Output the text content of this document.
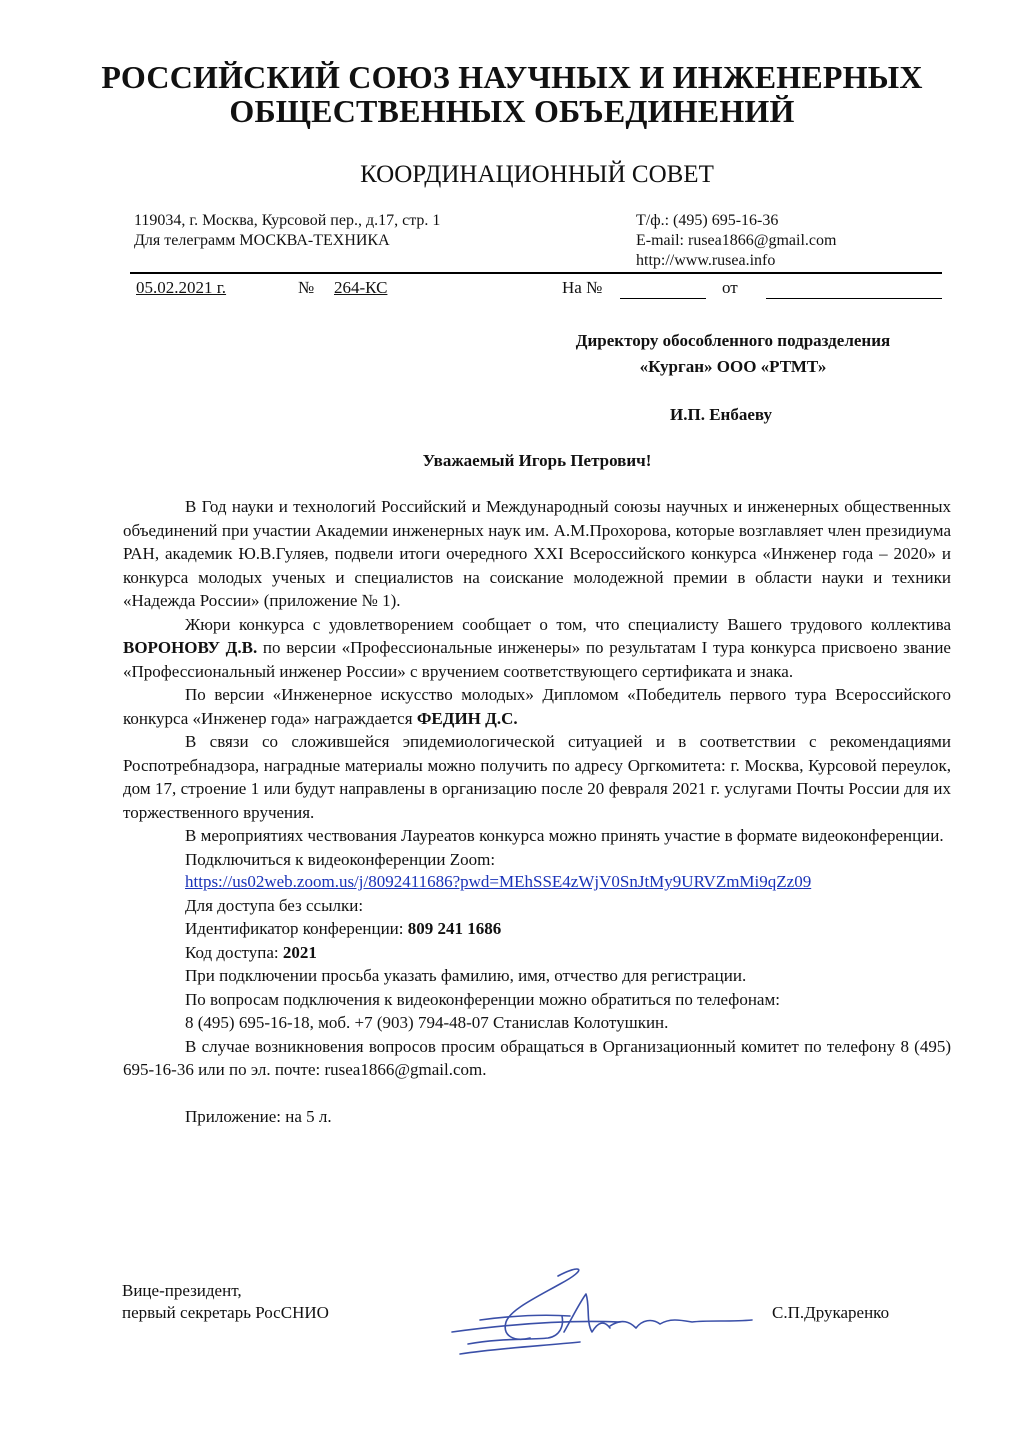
РОССИЙСКИЙ СОЮЗ НАУЧНЫХ И ИНЖЕНЕРНЫХ
ОБЩЕСТВЕННЫХ ОБЪЕДИНЕНИЙ
КООРДИНАЦИОННЫЙ СОВЕТ
119034, г. Москва, Курсовой пер., д.17, стр. 1
Для телеграмм МОСКВА-ТЕХНИКА
Т/ф.: (495) 695-16-36
E-mail: rusea1866@gmail.com
http://www.rusea.info
05.02.2021 г.	№ 264-КС	На №	от
Директору обособленного подразделения
«Курган» ООО «РТМТ»
И.П. Енбаеву
Уважаемый Игорь Петрович!

В Год науки и технологий Российский и Международный союзы научных и инженерных общественных объединений при участии Академии инженерных наук им. А.М.Прохорова, которые возглавляет член президиума РАН, академик Ю.В.Гуляев, подвели итоги очередного XXI Всероссийского конкурса «Инженер года – 2020» и конкурса молодых ученых и специалистов на соискание молодежной премии в области науки и техники «Надежда России» (приложение № 1).

Жюри конкурса с удовлетворением сообщает о том, что специалисту Вашего трудового коллектива ВОРОНОВУ Д.В. по версии «Профессиональные инженеры» по результатам I тура конкурса присвоено звание «Профессиональный инженер России» с вручением соответствующего сертификата и знака.

По версии «Инженерное искусство молодых» Дипломом «Победитель первого тура Всероссийского конкурса «Инженер года» награждается ФЕДИН Д.С.

В связи со сложившейся эпидемиологической ситуацией и в соответствии с рекомендациями Роспотребнадзора, наградные материалы можно получить по адресу Оргкомитета: г. Москва, Курсовой переулок, дом 17, строение 1 или будут направлены в организацию после 20 февраля 2021 г. услугами Почты России для их торжественного вручения.

В мероприятиях чествования Лауреатов конкурса можно принять участие в формате видеоконференции.

Подключиться к видеоконференции Zoom:

https://us02web.zoom.us/j/8092411686?pwd=MEhSSE4zWjV0SnJtMy9URVZmMi9qZz09

Для доступа без ссылки:

Идентификатор конференции: 809 241 1686

Код доступа: 2021

При подключении просьба указать фамилию, имя, отчество для регистрации.

По вопросам подключения к видеоконференции можно обратиться по телефонам:

8 (495) 695-16-18, моб. +7 (903) 794-48-07 Станислав Колотушкин.

В случае возникновения вопросов просим обращаться в Организационный комитет по телефону 8 (495) 695-16-36 или по эл. почте: rusea1866@gmail.com.

Приложение: на 5 л.

Вице-президент,
первый секретарь РосСНИО	С.П.Друкаренко
